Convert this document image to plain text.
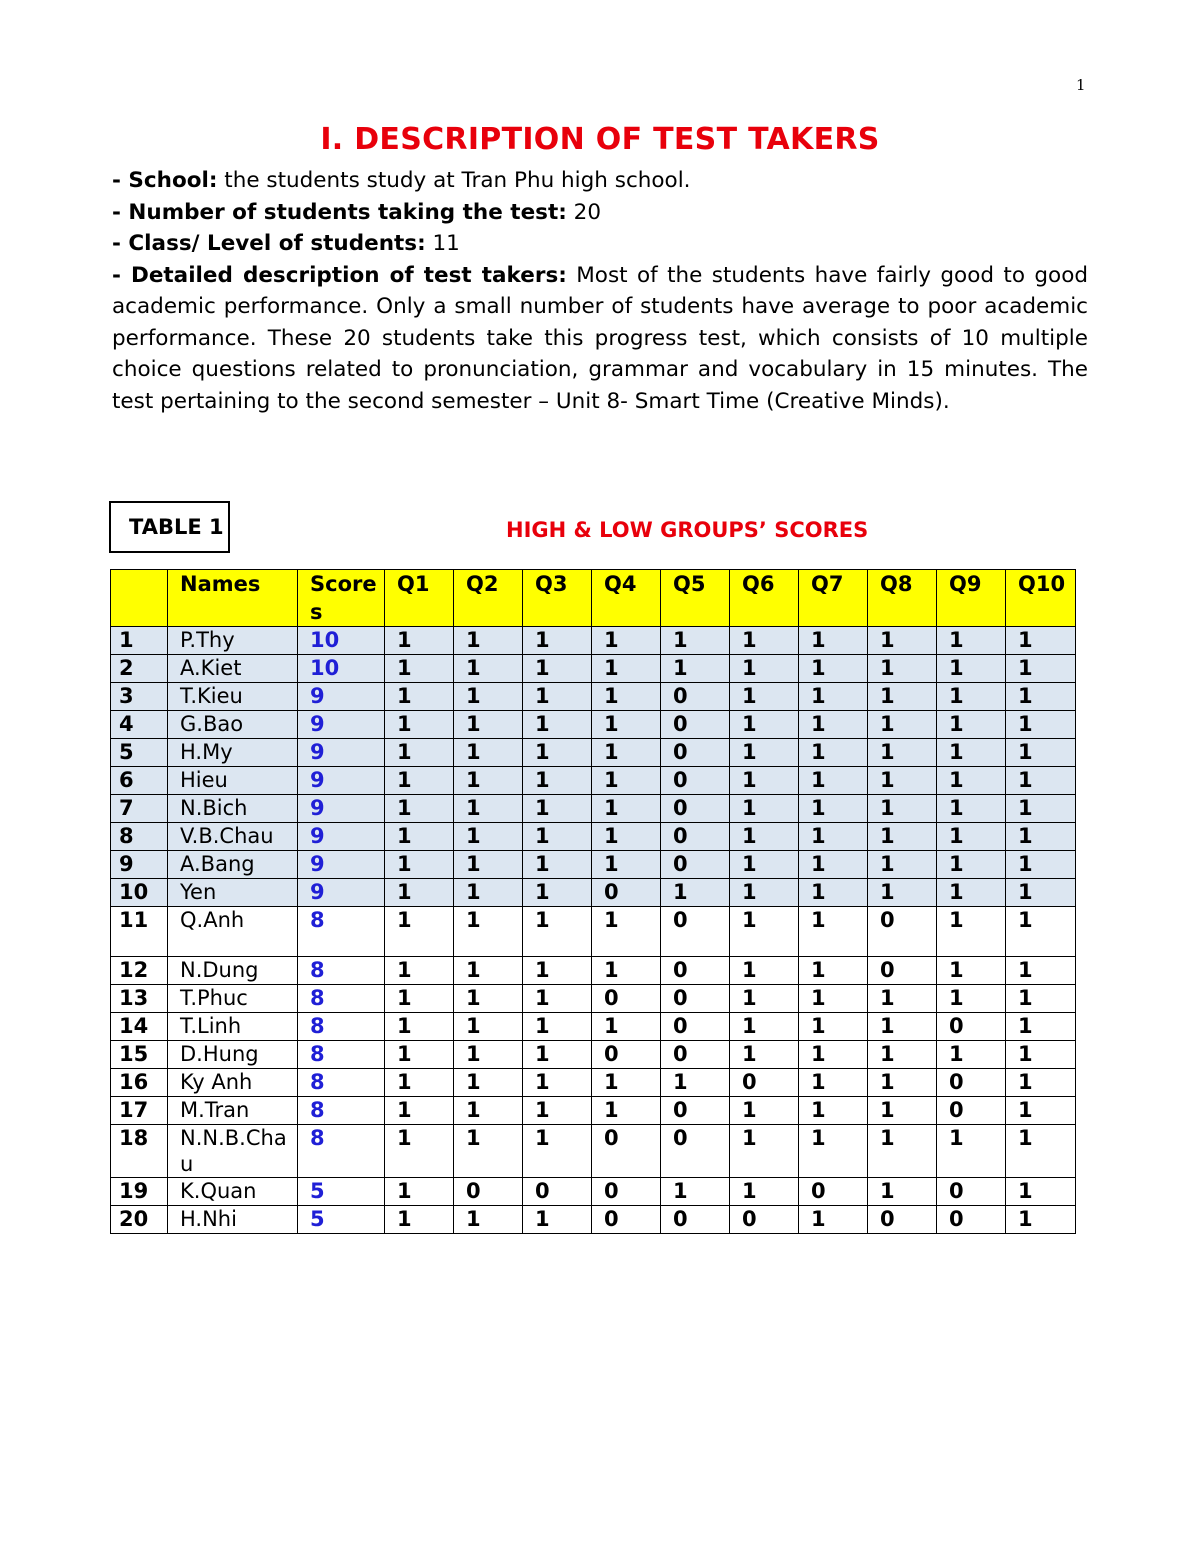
1
I. DESCRIPTION OF TEST TAKERS

- School: the students study at Tran Phu high school.

- Number of students taking the test: 20

- Class/ Level of students: 11

- Detailed description of test takers: Most of the students have fairly good to good academic performance. Only a small number of students have average to poor academic performance. These 20 students take this progress test, which consists of 10 multiple choice questions related to pronunciation, grammar and vocabulary in 15 minutes. The test pertaining to the second semester – Unit 8- Smart Time (Creative Minds).

TABLE 1	HIGH & LOW GROUPS’ SCORES
	Names	Scores	Q1	Q2	Q3	Q4	Q5	Q6	Q7	Q8	Q9	Q10
1	P.Thy	10	1	1	1	1	1	1	1	1	1	1
2	A.Kiet	10	1	1	1	1	1	1	1	1	1	1
3	T.Kieu	9	1	1	1	1	0	1	1	1	1	1
4	G.Bao	9	1	1	1	1	0	1	1	1	1	1
5	H.My	9	1	1	1	1	0	1	1	1	1	1
6	Hieu	9	1	1	1	1	0	1	1	1	1	1
7	N.Bich	9	1	1	1	1	0	1	1	1	1	1
8	V.B.Chau	9	1	1	1	1	0	1	1	1	1	1
9	A.Bang	9	1	1	1	1	0	1	1	1	1	1
10	Yen	9	1	1	1	0	1	1	1	1	1	1
11	Q.Anh	8	1	1	1	1	0	1	1	0	1	1
12	N.Dung	8	1	1	1	1	0	1	1	0	1	1
13	T.Phuc	8	1	1	1	0	0	1	1	1	1	1
14	T.Linh	8	1	1	1	1	0	1	1	1	0	1
15	D.Hung	8	1	1	1	0	0	1	1	1	1	1
16	Ky Anh	8	1	1	1	1	1	0	1	1	0	1
17	M.Tran	8	1	1	1	1	0	1	1	1	0	1
18	N.N.B.Chau	8	1	1	1	0	0	1	1	1	1	1
19	K.Quan	5	1	0	0	0	1	1	0	1	0	1
20	H.Nhi	5	1	1	1	0	0	0	1	0	0	1
